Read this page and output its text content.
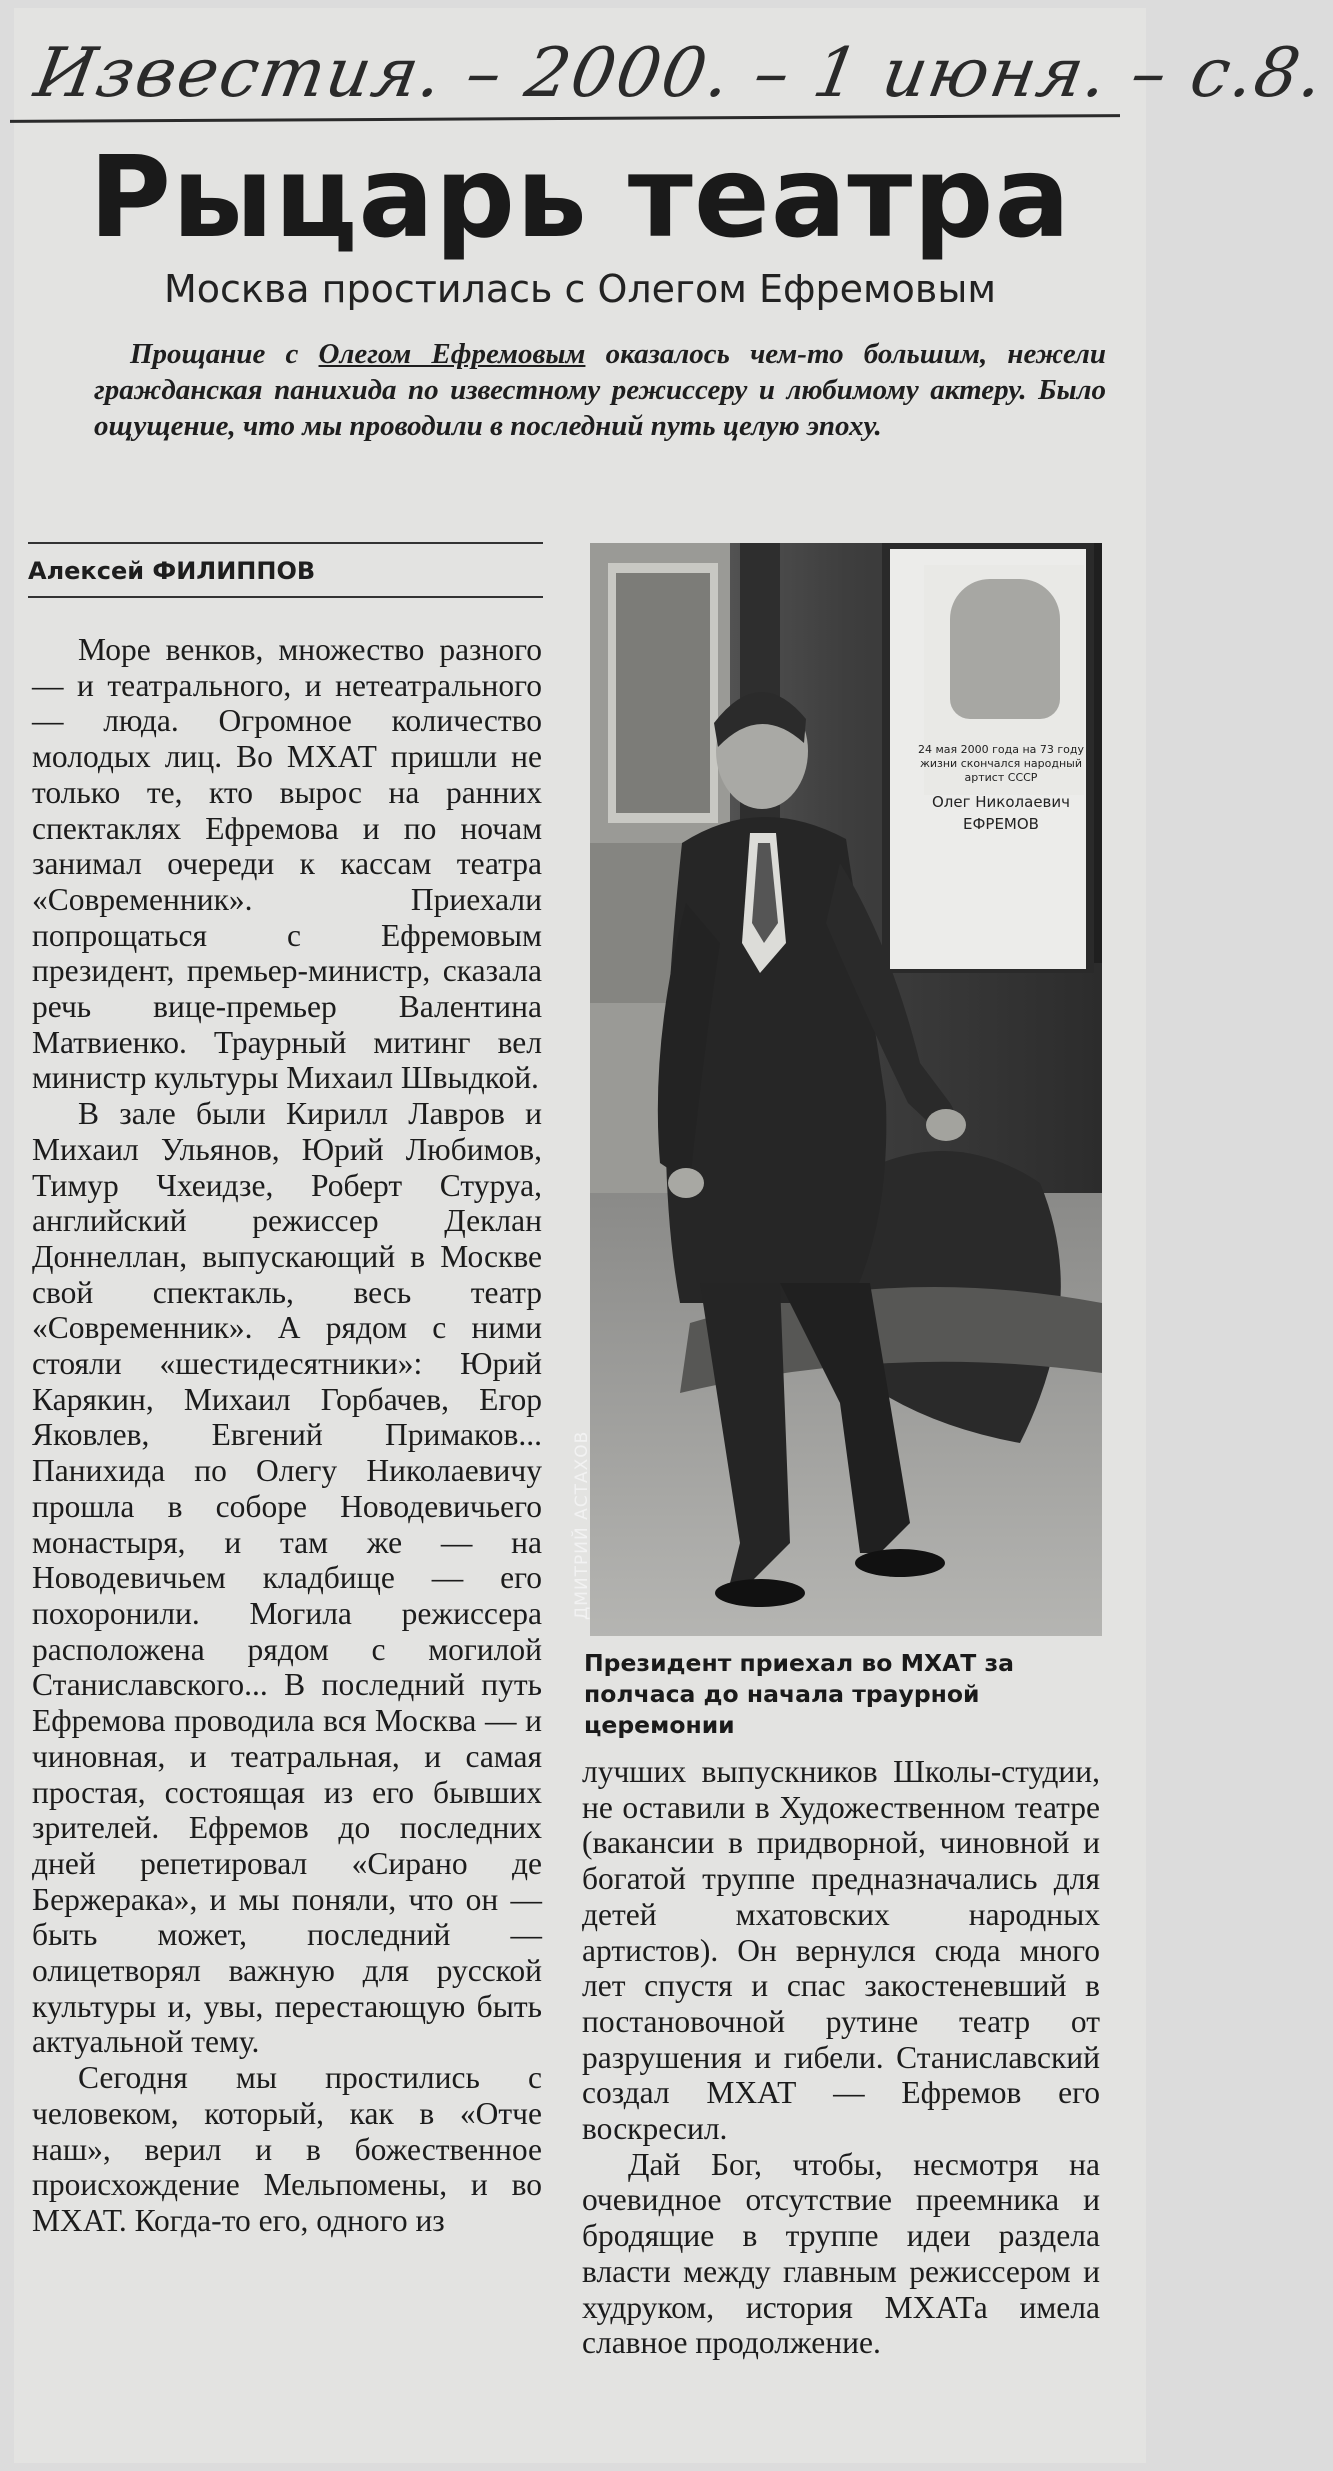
Известия. – 2000. – 1 июня. – с.8.
Рыцарь театра
Москва простилась с Олегом Ефремовым
Прощание с Олегом Ефремовым оказалось чем-то большим, нежели гражданская панихида по известному режиссеру и любимому актеру. Было ощущение, что мы проводили в последний путь целую эпоху.
Алексей ФИЛИППОВ

Море венков, множество разного — и театрального, и нетеатрального — люда. Огромное количество молодых лиц. Во МХАТ пришли не только те, кто вырос на ранних спектаклях Ефремова и по ночам занимал очереди к кассам театра «Современник». Приехали попрощаться с Ефремовым президент, премьер-министр, сказала речь вице-премьер Валентина Матвиенко. Траурный митинг вел министр культуры Михаил Швыдкой.

В зале были Кирилл Лавров и Михаил Ульянов, Юрий Любимов, Тимур Чхеидзе, Роберт Стуруа, английский режиссер Деклан Доннеллан, выпускающий в Москве свой спектакль, весь театр «Современник». А рядом с ними стояли «шестидесятники»: Юрий Карякин, Михаил Горбачев, Егор Яковлев, Евгений Примаков... Панихида по Олегу Николаевичу прошла в соборе Новодевичьего монастыря, и там же — на Новодевичьем кладбище — его похоронили. Могила режиссера расположена рядом с могилой Станиславского... В последний путь Ефремова проводила вся Москва — и чиновная, и театральная, и самая простая, состоящая из его бывших зрителей. Ефремов до последних дней репетировал «Сирано де Бержерака», и мы поняли, что он — быть может, последний — олицетворял важную для русской культуры и, увы, перестающую быть актуальной тему.

Сегодня мы простились с человеком, который, как в «Отче наш», верил и в божественное происхождение Мельпомены, и во МХАТ. Когда-то его, одного из

24 мая 2000 года на 73 году жизни скончался народный артист СССР
Олег Николаевич
ЕФРЕМОВ
ДМИТРИЙ АСТАХОВ
Президент приехал во МХАТ за полчаса до начала траурной церемонии

лучших выпускников Школы-студии, не оставили в Художественном театре (вакансии в придворной, чиновной и богатой труппе предназначались для детей мхатовских народных артистов). Он вернулся сюда много лет спустя и спас закостеневший в постановочной рутине театр от разрушения и гибели. Станиславский создал МХАТ — Ефремов его воскресил.

Дай Бог, чтобы, несмотря на очевидное отсутствие преемника и бродящие в труппе идеи раздела власти между главным режиссером и худруком, история МХАТа имела славное продолжение.
